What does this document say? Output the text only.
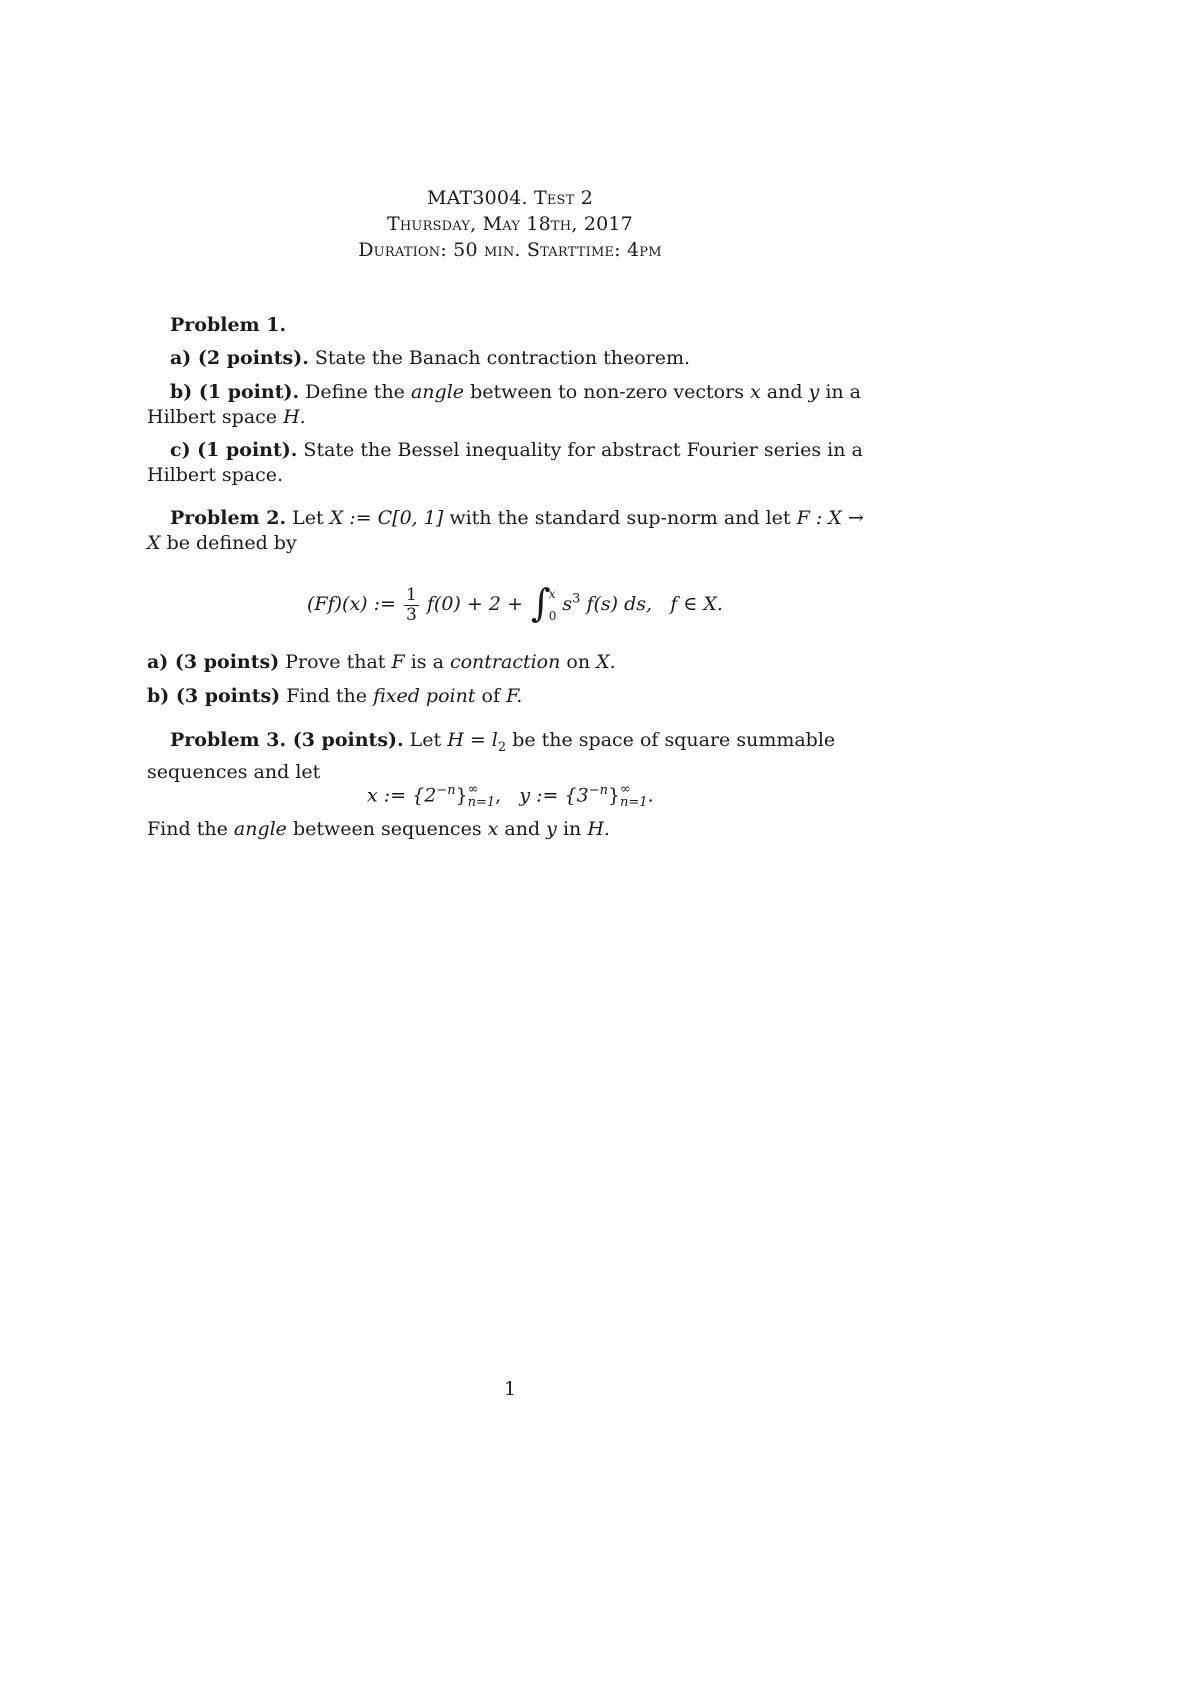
MAT3004. Test 2
Thursday, May 18th, 2017
Duration: 50 min. Starttime: 4pm
Problem 1.
a) (2 points). State the Banach contraction theorem.
b) (1 point). Define the angle between to non-zero vectors x and y in a Hilbert space H.
c) (1 point). State the Bessel inequality for abstract Fourier series in a Hilbert space.
Problem 2. Let X := C[0, 1] with the standard sup-norm and let F : X → X be defined by
(Ff)(x) := $\frac{1}{3} f(0) + 2$ + ∫
x
0
$s^3$ f(s) ds,   f ∈ X.
a) (3 points) Prove that F is a contraction on X.
b) (3 points) Find the fixed point of F.
Problem 3. (3 points). Let $H = l_2$ be the space of square summable sequences and let
x := $\{2^{-n}\}$ ∞
n=1 ,   y := $\{3^{-n}\}$ ∞
n=1 .
Find the angle between sequences x and y in H.
1
